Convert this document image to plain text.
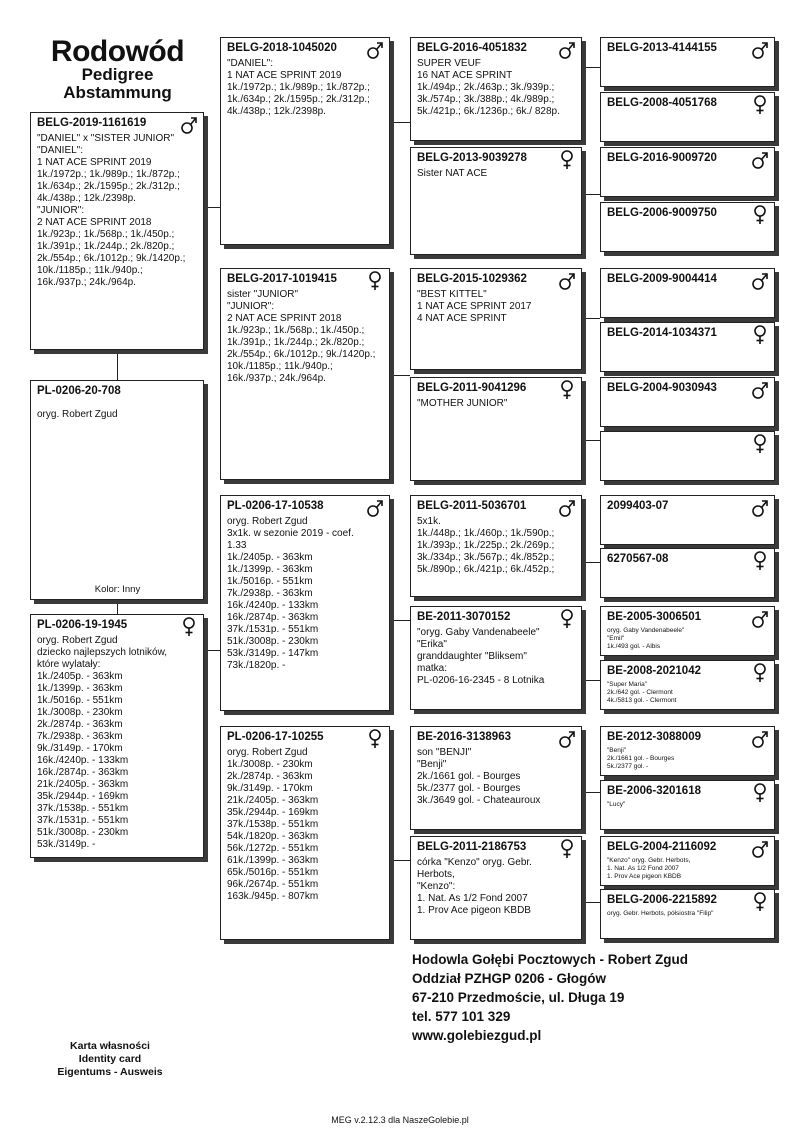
Rodowód
Pedigree
Abstammung
BELG-2019-1161619
"DANIEL" x "SISTER JUNIOR"
"DANIEL":
1 NAT ACE SPRINT 2019
1k./1972p.; 1k./989p.; 1k./872p.;
1k./634p.; 2k./1595p.; 2k./312p.;
4k./438p.; 12k./2398p.
"JUNIOR":
2 NAT ACE SPRINT 2018
1k./923p.; 1k./568p.; 1k./450p.;
1k./391p.; 1k./244p.; 2k./820p.;
2k./554p.; 6k./1012p.; 9k./1420p.;
10k./1185p.; 11k./940p.;
16k./937p.; 24k./964p.
PL-0206-20-708
oryg. Robert Zgud
Kolor: Inny
PL-0206-19-1945
oryg. Robert Zgud
dziecko najlepszych lotników,
które wylatały:
1k./2405p. - 363km
1k./1399p. - 363km
1k./5016p. - 551km
1k./3008p. - 230km
2k./2874p. - 363km
7k./2938p. - 363km
9k./3149p. - 170km
16k./4240p. - 133km
16k./2874p. - 363km
21k./2405p. - 363km
35k./2944p. - 169km
37k./1538p. - 551km
37k./1531p. - 551km
51k./3008p. - 230km
53k./3149p. -
BELG-2018-1045020
"DANIEL":
1 NAT ACE SPRINT 2019
1k./1972p.; 1k./989p.; 1k./872p.;
1k./634p.; 2k./1595p.; 2k./312p.;
4k./438p.; 12k./2398p.
BELG-2017-1019415
sister "JUNIOR"
"JUNIOR":
2 NAT ACE SPRINT 2018
1k./923p.; 1k./568p.; 1k./450p.;
1k./391p.; 1k./244p.; 2k./820p.;
2k./554p.; 6k./1012p.; 9k./1420p.;
10k./1185p.; 11k./940p.;
16k./937p.; 24k./964p.
PL-0206-17-10538
oryg. Robert Zgud
3x1k. w sezonie 2019 - coef.
1.33
1k./2405p. - 363km
1k./1399p. - 363km
1k./5016p. - 551km
7k./2938p. - 363km
16k./4240p. - 133km
16k./2874p. - 363km
37k./1531p. - 551km
51k./3008p. - 230km
53k./3149p. - 147km
73k./1820p. -
PL-0206-17-10255
oryg. Robert Zgud
1k./3008p. - 230km
2k./2874p. - 363km
9k./3149p. - 170km
21k./2405p. - 363km
35k./2944p. - 169km
37k./1538p. - 551km
54k./1820p. - 363km
56k./1272p. - 551km
61k./1399p. - 363km
65k./5016p. - 551km
96k./2674p. - 551km
163k./945p. - 807km
BELG-2016-4051832
SUPER VEUF
16 NAT ACE SPRINT
1k./494p.; 2k./463p.; 3k./939p.;
3k./574p.; 3k./388p.; 4k./989p.;
5k./421p.; 6k./1236p.; 6k./ 828p.
BELG-2013-9039278
Sister NAT ACE
BELG-2015-1029362
"BEST KITTEL"
1 NAT ACE SPRINT 2017
4 NAT ACE SPRINT
BELG-2011-9041296
"MOTHER JUNIOR"
BELG-2011-5036701
5x1k.
1k./448p.; 1k./460p.; 1k./590p.;
1k./393p.; 1k./225p.; 2k./269p.;
3k./334p.; 3k./567p.; 4k./852p.;
5k./890p.; 6k./421p.; 6k./452p.;
BE-2011-3070152
"oryg. Gaby Vandenabeele"
"Erika"
granddaughter "Bliksem"
matka:
PL-0206-16-2345 - 8 Lotnika
BE-2016-3138963
son "BENJI"
"Benji"
2k./1661 gol. - Bourges
5k./2377 gol. - Bourges
3k./3649 gol. - Chateauroux
BELG-2011-2186753
córka "Kenzo" oryg. Gebr.
Herbots,
"Kenzo":
1. Nat. As 1/2 Fond 2007
1. Prov Ace pigeon KBDB
BELG-2013-4144155
BELG-2008-4051768
BELG-2016-9009720
BELG-2006-9009750
BELG-2009-9004414
BELG-2014-1034371
BELG-2004-9030943
2099403-07
6270567-08
BE-2005-3006501
oryg. Gaby Vandenabeele"
"Emil"
1k./493 gol. - Albis
BE-2008-2021042
"Super Maria"
2k./642 gol. - Clermont
4k./5813 gol. - Clermont
BE-2012-3088009
"Benji"
2k./1661 gol. - Bourges
5k./2377 gol. -
BE-2006-3201618
"Lucy"
BELG-2004-2116092
"Kenzo" oryg. Gebr. Herbots,
1. Nat. As 1/2 Fond 2007
1. Prov Ace pigeon KBDB
BELG-2006-2215892
oryg. Gebr. Herbots, półsiostra "Filip"
Hodowla Gołębi Pocztowych - Robert Zgud
Oddział PZHGP 0206 - Głogów
67-210 Przedmoście, ul. Długa 19
tel. 577 101 329
www.golebiezgud.pl
Karta własności
Identity card
Eigentums - Ausweis
MEG v.2.12.3 dla NaszeGolebie.pl
